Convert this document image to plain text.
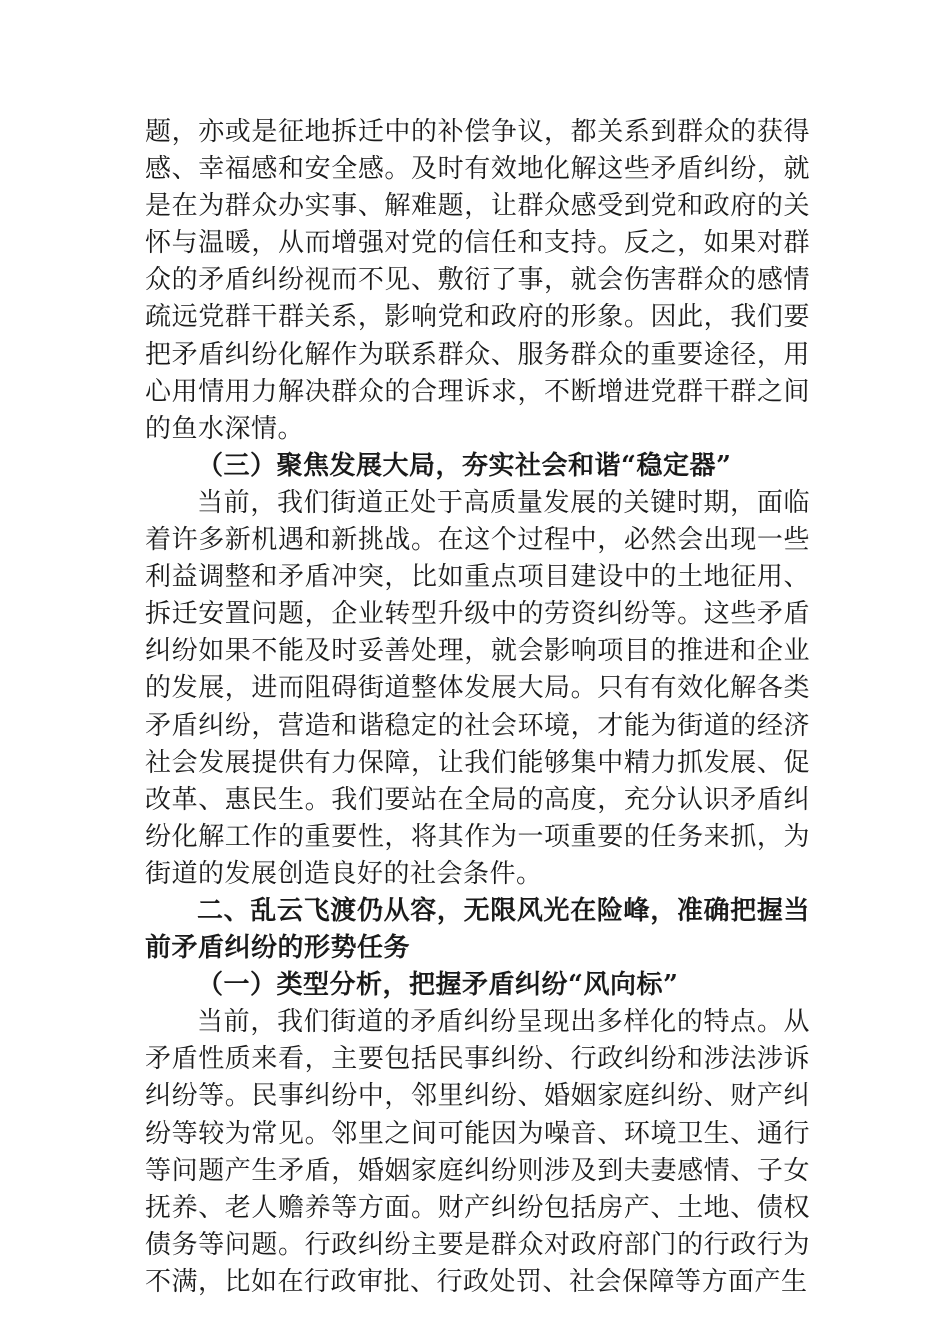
题，亦或是征地拆迁中的补偿争议，都关系到群众的获得感、幸福感和安全感。及时有效地化解这些矛盾纠纷，就是在为群众办实事、解难题，让群众感受到党和政府的关怀与温暖，从而增强对党的信任和支持。反之，如果对群众的矛盾纠纷视而不见、敷衍了事，就会伤害群众的感情疏远党群干群关系，影响党和政府的形象。因此，我们要把矛盾纠纷化解作为联系群众、服务群众的重要途径，用心用情用力解决群众的合理诉求，不断增进党群干群之间的鱼水深情。

（三）聚焦发展大局，夯实社会和谐“稳定器”

当前，我们街道正处于高质量发展的关键时期，面临着许多新机遇和新挑战。在这个过程中，必然会出现一些利益调整和矛盾冲突，比如重点项目建设中的土地征用、拆迁安置问题，企业转型升级中的劳资纠纷等。这些矛盾纠纷如果不能及时妥善处理，就会影响项目的推进和企业的发展，进而阻碍街道整体发展大局。只有有效化解各类矛盾纠纷，营造和谐稳定的社会环境，才能为街道的经济社会发展提供有力保障，让我们能够集中精力抓发展、促改革、惠民生。我们要站在全局的高度，充分认识矛盾纠纷化解工作的重要性，将其作为一项重要的任务来抓，为街道的发展创造良好的社会条件。

二、乱云飞渡仍从容，无限风光在险峰，准确把握当前矛盾纠纷的形势任务

（一）类型分析，把握矛盾纠纷“风向标”

当前，我们街道的矛盾纠纷呈现出多样化的特点。从矛盾性质来看，主要包括民事纠纷、行政纠纷和涉法涉诉纠纷等。民事纠纷中，邻里纠纷、婚姻家庭纠纷、财产纠纷等较为常见。邻里之间可能因为噪音、环境卫生、通行等问题产生矛盾，婚姻家庭纠纷则涉及到夫妻感情、子女抚养、老人赡养等方面。财产纠纷包括房产、土地、债权债务等问题。行政纠纷主要是群众对政府部门的行政行为不满，比如在行政审批、行政处罚、社会保障等方面产生
